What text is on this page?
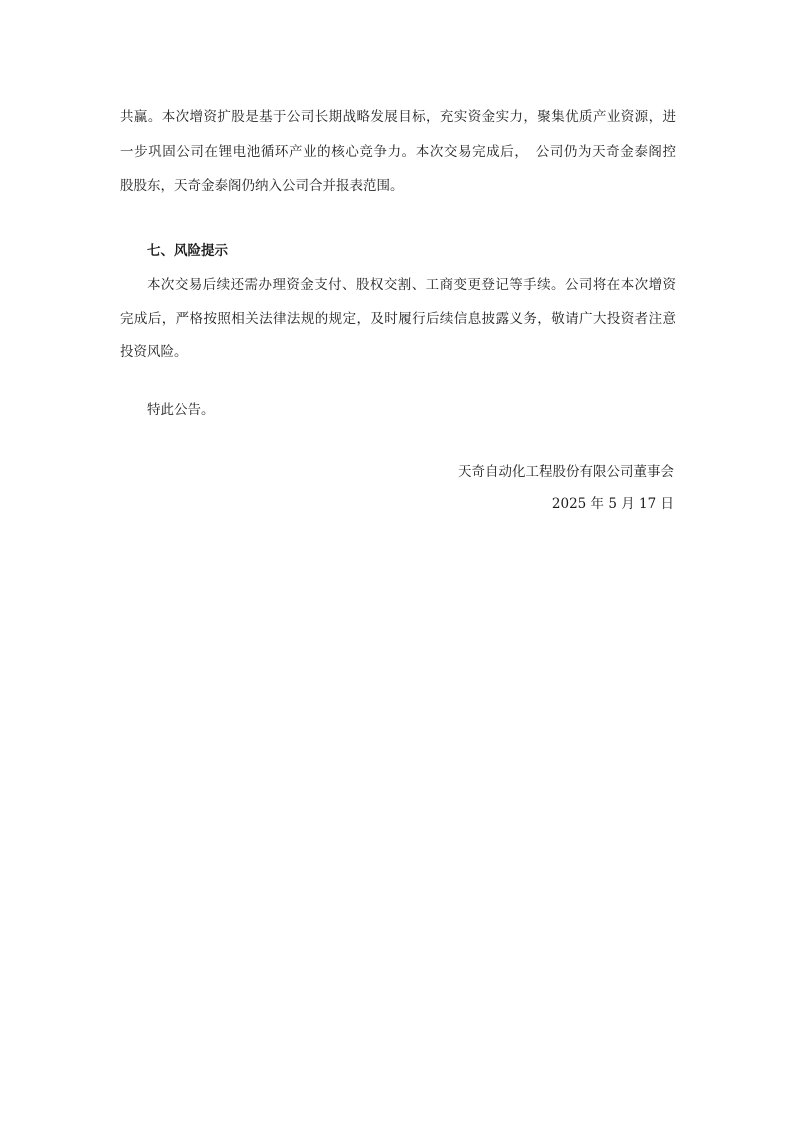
共赢。本次增资扩股是基于公司长期战略发展目标，充实资金实力，聚集优质产业资源，进
一步巩固公司在锂电池循环产业的核心竞争力。本次交易完成后，　公司仍为天奇金泰阁控
股股东，天奇金泰阁仍纳入公司合并报表范围。
七、风险提示
本次交易后续还需办理资金支付、股权交割、工商变更登记等手续。公司将在本次增资
完成后，严格按照相关法律法规的规定，及时履行后续信息披露义务，敬请广大投资者注意
投资风险。
特此公告。
天奇自动化工程股份有限公司董事会
2025 年 5 月 17 日
